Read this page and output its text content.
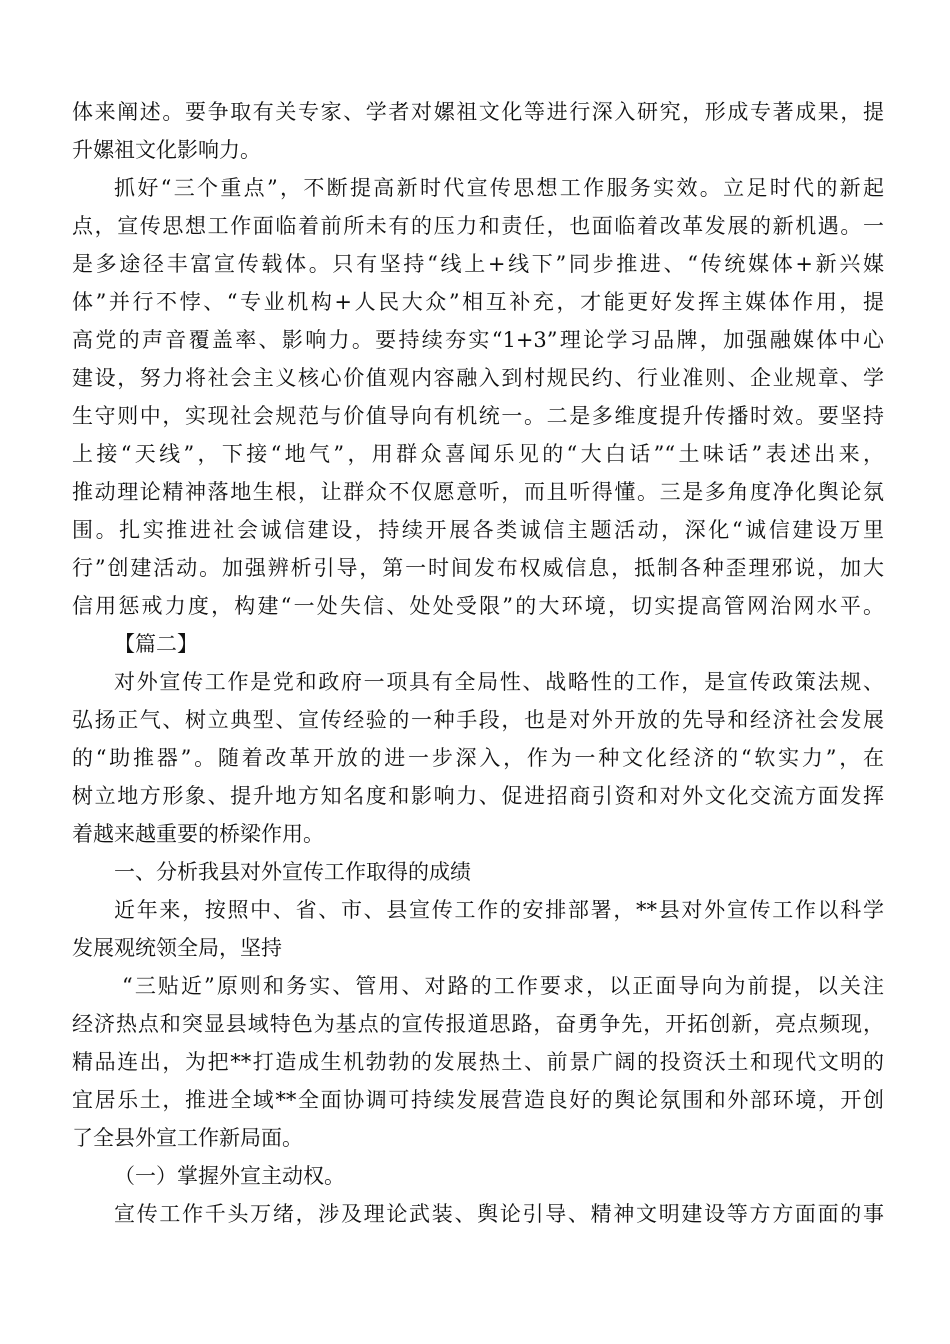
体来阐述。要争取有关专家、学者对嫘祖文化等进行深入研究，形成专著成果，提
升嫘祖文化影响力。
抓好“三个重点”，不断提高新时代宣传思想工作服务实效。立足时代的新起
点，宣传思想工作面临着前所未有的压力和责任，也面临着改革发展的新机遇。一
是多途径丰富宣传载体。只有坚持“线上+线下”同步推进、“传统媒体+新兴媒
体”并行不悖、“专业机构+人民大众”相互补充，才能更好发挥主媒体作用，提
高党的声音覆盖率、影响力。要持续夯实“1+3”理论学习品牌，加强融媒体中心
建设，努力将社会主义核心价值观内容融入到村规民约、行业准则、企业规章、学
生守则中，实现社会规范与价值导向有机统一。二是多维度提升传播时效。要坚持
上接“天线”，下接“地气”，用群众喜闻乐见的“大白话”“土味话”表述出来，
推动理论精神落地生根，让群众不仅愿意听，而且听得懂。三是多角度净化舆论氛
围。扎实推进社会诚信建设，持续开展各类诚信主题活动，深化“诚信建设万里
行”创建活动。加强辨析引导，第一时间发布权威信息，抵制各种歪理邪说，加大
信用惩戒力度，构建“一处失信、处处受限”的大环境，切实提高管网治网水平。
【篇二】
对外宣传工作是党和政府一项具有全局性、战略性的工作，是宣传政策法规、
弘扬正气、树立典型、宣传经验的一种手段，也是对外开放的先导和经济社会发展
的“助推器”。随着改革开放的进一步深入，作为一种文化经济的“软实力”，在
树立地方形象、提升地方知名度和影响力、促进招商引资和对外文化交流方面发挥
着越来越重要的桥梁作用。
一、分析我县对外宣传工作取得的成绩
近年来，按照中、省、市、县宣传工作的安排部署，**县对外宣传工作以科学
发展观统领全局，坚持
“三贴近”原则和务实、管用、对路的工作要求，以正面导向为前提，以关注
经济热点和突显县域特色为基点的宣传报道思路，奋勇争先，开拓创新，亮点频现，
精品连出，为把**打造成生机勃勃的发展热土、前景广阔的投资沃土和现代文明的
宜居乐土，推进全域**全面协调可持续发展营造良好的舆论氛围和外部环境，开创
了全县外宣工作新局面。
（一）掌握外宣主动权。
宣传工作千头万绪，涉及理论武装、舆论引导、精神文明建设等方方面面的事
